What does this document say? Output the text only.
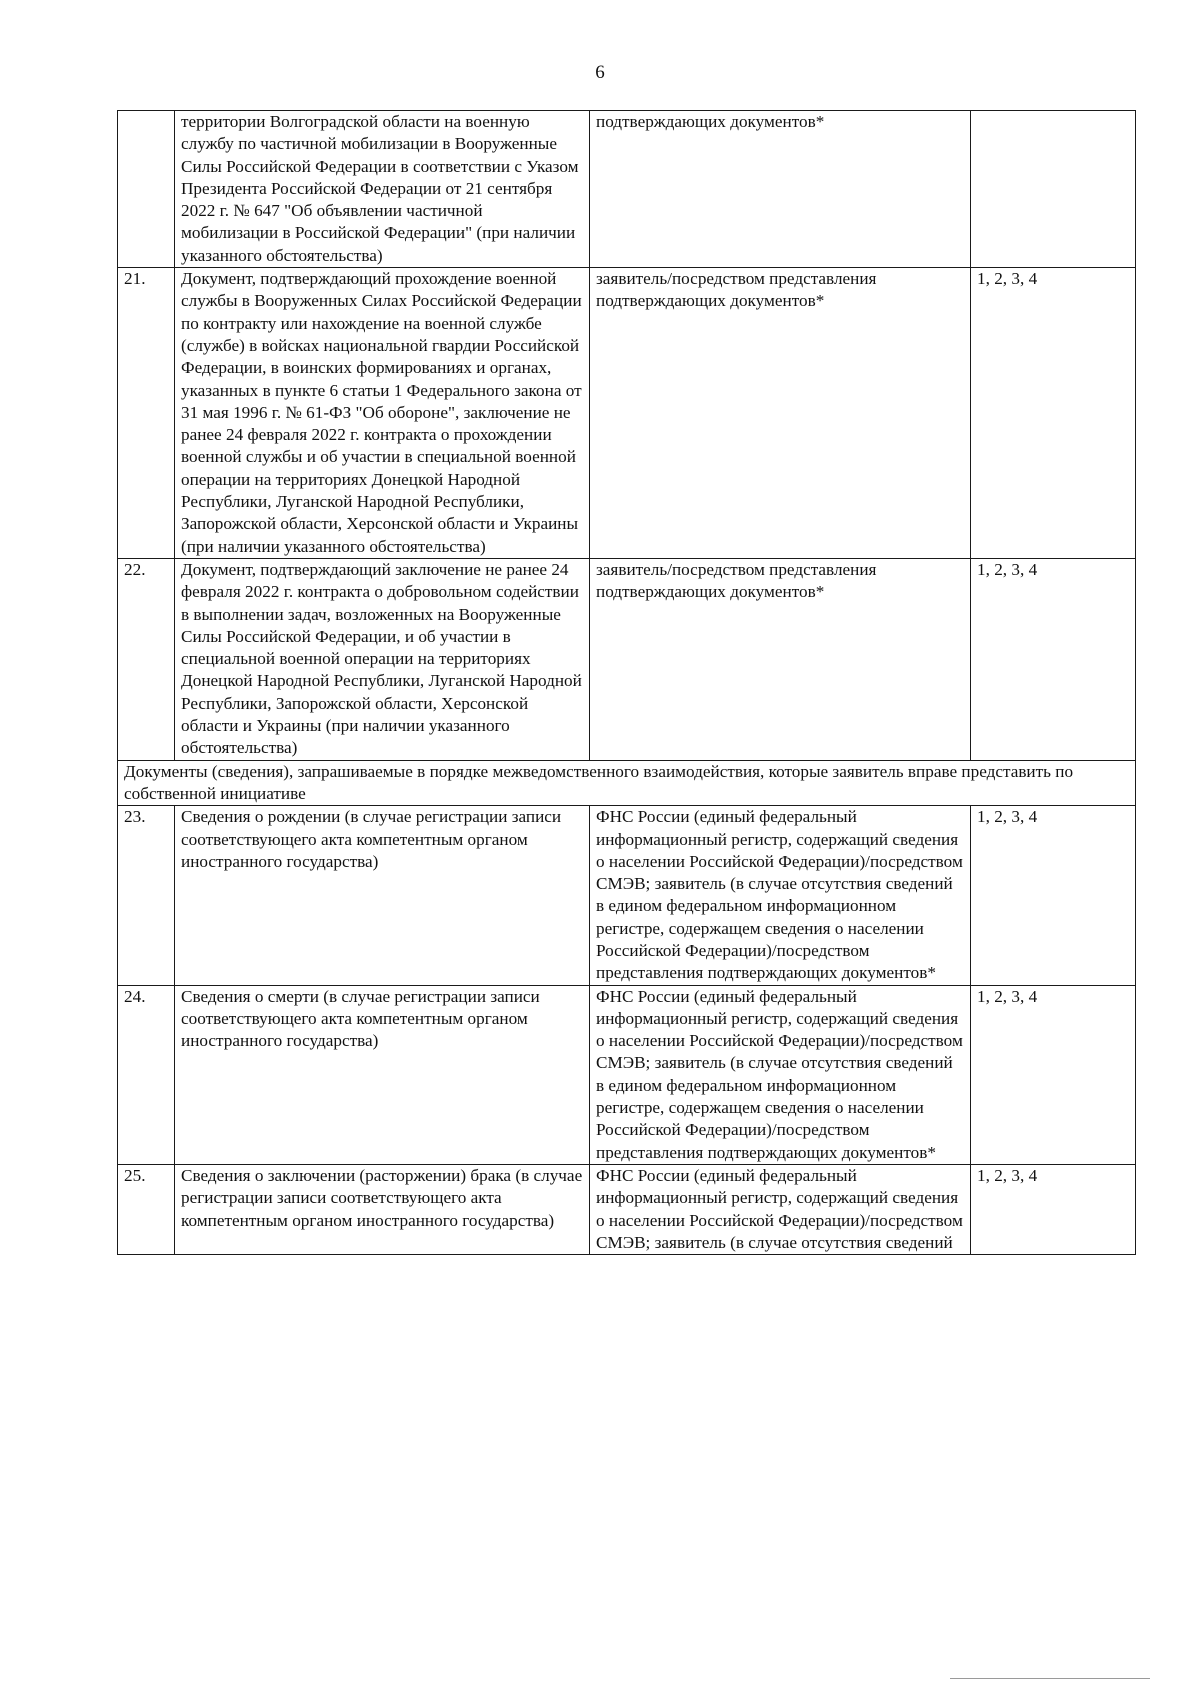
6
	территории Волгоградской области на военную службу по частичной мобилизации в Вооруженные Силы Российской Федерации в соответствии с Указом Президента Российской Федерации от 21 сентября 2022 г. № 647 "Об объявлении частичной мобилизации в Российской Федерации" (при наличии указанного обстоятельства)	подтверждающих документов*	
21.	Документ, подтверждающий прохождение военной службы в Вооруженных Силах Российской Федерации по контракту или нахождение на военной службе (службе) в войсках национальной гвардии Российской Федерации, в воинских формированиях и органах, указанных в пункте 6 статьи 1 Федерального закона от 31 мая 1996 г. № 61-ФЗ "Об обороне", заключение не ранее 24 февраля 2022 г. контракта о прохождении военной службы и об участии в специальной военной операции на территориях Донецкой Народной Республики, Луганской Народной Республики, Запорожской области, Херсонской области и Украины (при наличии указанного обстоятельства)	заявитель/посредством представления подтверждающих документов*	1, 2, 3, 4
22.	Документ, подтверждающий заключение не ранее 24 февраля 2022 г. контракта о добровольном содействии в выполнении задач, возложенных на Вооруженные Силы Российской Федерации, и об участии в специальной военной операции на территориях Донецкой Народной Республики, Луганской Народной Республики, Запорожской области, Херсонской области и Украины (при наличии указанного обстоятельства)	заявитель/посредством представления подтверждающих документов*	1, 2, 3, 4
Документы (сведения), запрашиваемые в порядке межведомственного взаимодействия, которые заявитель вправе представить по собственной инициативе			
23.	Сведения о рождении (в случае регистрации записи соответствующего акта компетентным органом иностранного государства)	ФНС России (единый федеральный информационный регистр, содержащий сведения о населении Российской Федерации)/посредством СМЭВ; заявитель (в случае отсутствия сведений в едином федеральном информационном регистре, содержащем сведения о населении Российской Федерации)/посредством представления подтверждающих документов*	1, 2, 3, 4
24.	Сведения о смерти (в случае регистрации записи соответствующего акта компетентным органом иностранного государства)	ФНС России (единый федеральный информационный регистр, содержащий сведения о населении Российской Федерации)/посредством СМЭВ; заявитель (в случае отсутствия сведений в едином федеральном информационном регистре, содержащем сведения о населении Российской Федерации)/посредством представления подтверждающих документов*	1, 2, 3, 4
25.	Сведения о заключении (расторжении) брака (в случае регистрации записи соответствующего акта компетентным органом иностранного государства)	ФНС России (единый федеральный информационный регистр, содержащий сведения о населении Российской Федерации)/посредством СМЭВ; заявитель (в случае отсутствия сведений	1, 2, 3, 4
